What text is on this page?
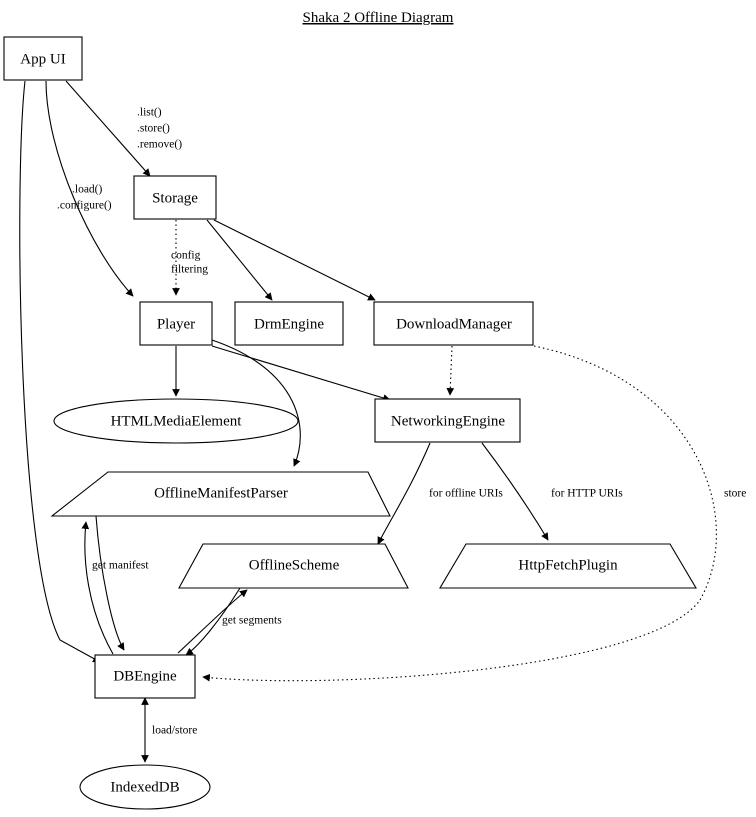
Shaka 2 Offline Diagram
App UI
Storage
Player	DrmEngine	DownloadManager
HTMLMediaElement	NetworkingEngine
OfflineManifestParser
OfflineScheme	HttpFetchPlugin
DBEngine
IndexedDB
.list()
.store()
.remove()
.load()
.configure()
config
filtering
for offline URIs	for HTTP URIs	store
get manifest
get segments
load/store
